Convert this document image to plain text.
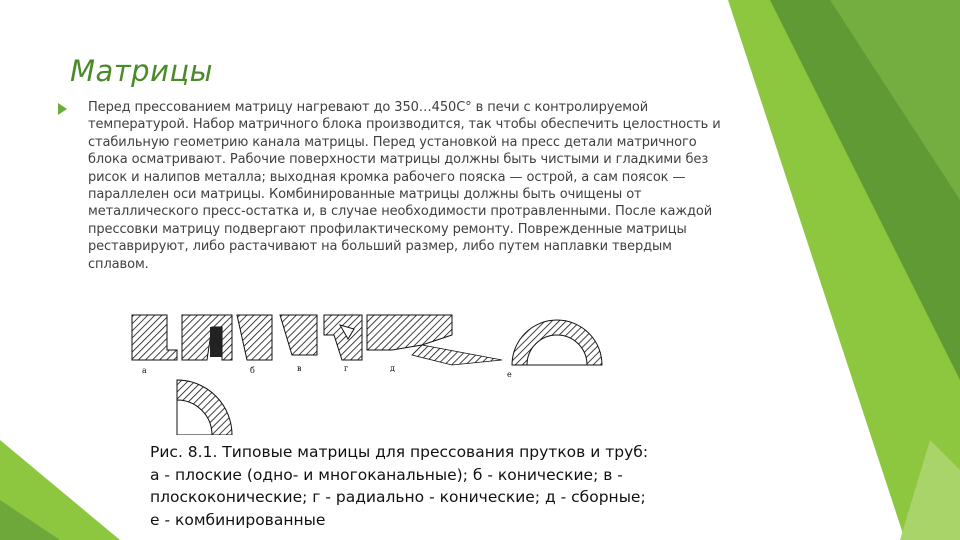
Матрицы
Перед прессованием матрицу нагревают до 350…450С° в печи с контролируемой температурой. Набор матричного блока производится, так чтобы обеспечить целостность и стабильную геометрию канала матрицы. Перед установкой на пресс детали матричного блока осматривают. Рабочие поверхности матрицы должны быть чистыми и гладкими без рисок и налипов металла; выходная кромка рабочего пояска — острой, а сам поясок — параллелен оси матрицы. Комбинированные матрицы должны быть очищены от металлического пресс-остатка и, в случае необходимости протравленными. После каждой прессовки матрицу подвергают профилактическому ремонту. Поврежденные матрицы реставрируют, либо растачивают на больший размер, либо путем наплавки твердым сплавом.
а	б	в	г	д
е
Рис. 8.1. Типовые матрицы для прессования прутков и труб: а - плоские (одно- и многоканальные); б - конические; в - плоскоконические; г - радиально - конические; д - сборные; е - комбинированные
